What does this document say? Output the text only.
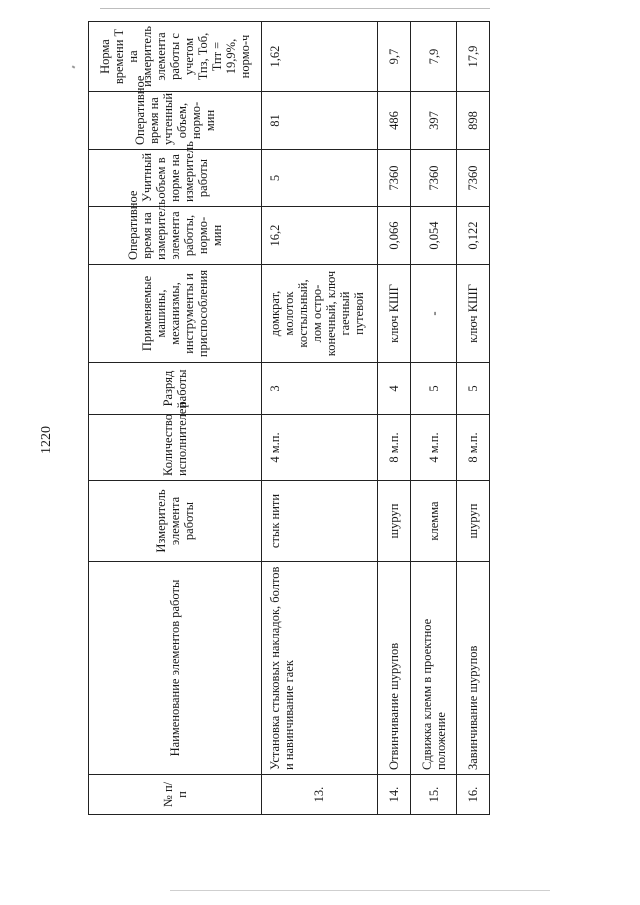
1220
№ п/п	Наименование элементов работы	Измеритель элемента работы	Количество исполнителей	Разряд работы	Применяемые машины, механизмы, инструменты и приспособления	Оперативное время на измеритель элемента работы, нормо-мин	Учитный объем в норме на измеритель работы	Оперативное время на учтенный объем, нормо-мин	Норма времени Т на измеритель элемента работы с учетом Тпз, Тоб, Тпт = 19,9%, нормо-ч
13.	Установка стыковых накладок, болтов и навинчивание гаек	стык нити	4 м.п.	3	домкрат, молоток костыльный, лом остро-конечный, ключ гаечный путевой	16,2	5	81	1,62
14.	Отвинчивание шурупов	шуруп	8 м.п.	4	ключ КШГ	0,066	7360	486	9,7
15.	Сдвижка клемм в проектное положение	клемма	4 м.п.	5	-	0,054	7360	397	7,9
16.	Завинчивание шурупов	шуруп	8 м.п.	5	ключ КШГ	0,122	7360	898	17,9
